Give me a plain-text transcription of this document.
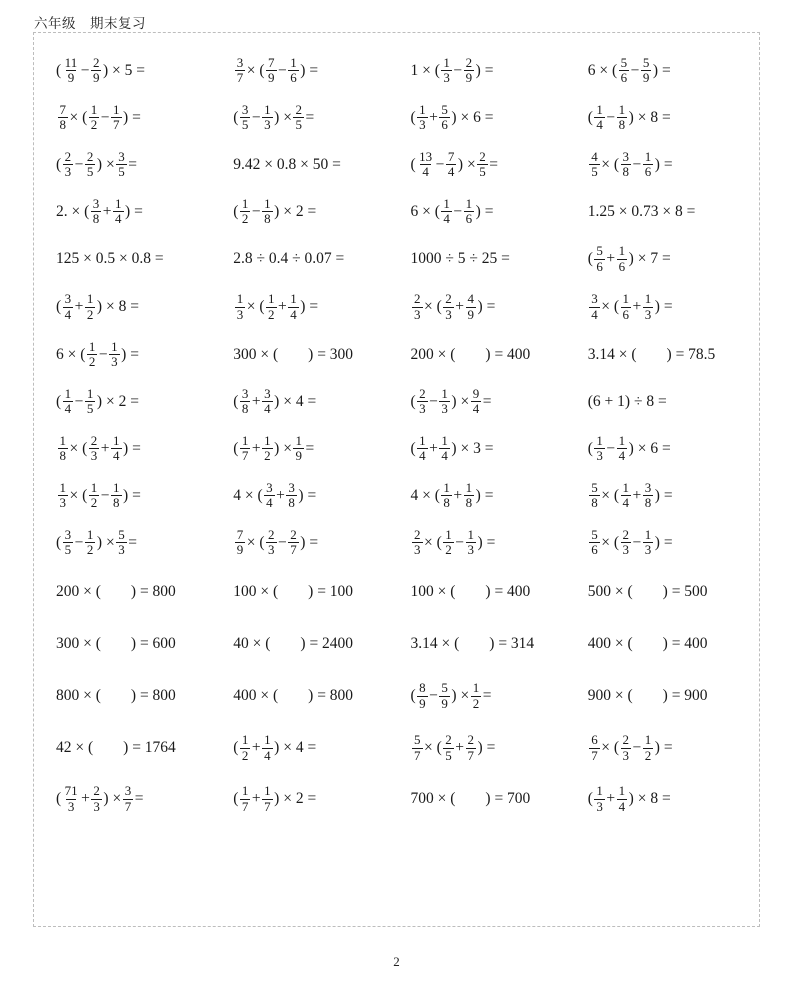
六年级　期末复习
( $\frac{11}{9} - \frac{2}{9}$ ) × 5 =	$\frac{3}{7}$ × ( $\frac{7}{9} - \frac{1}{6}$ ) =	1 × ( $\frac{1}{3} - \frac{2}{9}$ ) =	6 × ( $\frac{5}{6} - \frac{5}{9}$ ) =
$\frac{7}{8}$ × ( $\frac{1}{2} - \frac{1}{7}$ ) =	( $\frac{3}{5} - \frac{1}{3}$ ) × $\frac{2}{5}$ =	( $\frac{1}{3} + \frac{5}{6}$ ) × 6 =	( $\frac{1}{4} - \frac{1}{8}$ ) × 8 =
( $\frac{2}{3} - \frac{2}{5}$ ) × $\frac{3}{5}$ =	9.42 × 0.8 × 50 =	( $\frac{13}{4} - \frac{7}{4}$ ) × $\frac{2}{5}$ =	$\frac{4}{5}$ × ( $\frac{3}{8} - \frac{1}{6}$ ) =
2. × ( $\frac{3}{8} + \frac{1}{4}$ ) =	( $\frac{1}{2} - \frac{1}{8}$ ) × 2 =	6 × ( $\frac{1}{4} - \frac{1}{6}$ ) =	1.25 × 0.73 × 8 =
125 × 0.5 × 0.8 =	2.8 ÷ 0.4 ÷ 0.07 =	1000 ÷ 5 ÷ 25 =	( $\frac{5}{6} + \frac{1}{6}$ ) × 7 =
( $\frac{3}{4} + \frac{1}{2}$ ) × 8 =	$\frac{1}{3}$ × ( $\frac{1}{2} + \frac{1}{4}$ ) =	$\frac{2}{3}$ × ( $\frac{2}{3} + \frac{4}{9}$ ) =	$\frac{3}{4}$ × ( $\frac{1}{6} + \frac{1}{3}$ ) =
6 × ( $\frac{1}{2} - \frac{1}{3}$ ) =	300 × ( ) = 300	200 × ( ) = 400	3.14 × ( ) = 78.5
( $\frac{1}{4} - \frac{1}{5}$ ) × 2 =	( $\frac{3}{8} + \frac{3}{4}$ ) × 4 =	( $\frac{2}{3} - \frac{1}{3}$ ) × $\frac{9}{4}$ =	(6 + 1) ÷ 8 =
$\frac{1}{8}$ × ( $\frac{2}{3} + \frac{1}{4}$ ) =	( $\frac{1}{7} + \frac{1}{2}$ ) × $\frac{1}{9}$ =	( $\frac{1}{4} + \frac{1}{4}$ ) × 3 =	( $\frac{1}{3} - \frac{1}{4}$ ) × 6 =
$\frac{1}{3}$ × ( $\frac{1}{2} - \frac{1}{8}$ ) =	4 × ( $\frac{3}{4} + \frac{3}{8}$ ) =	4 × ( $\frac{1}{8} + \frac{1}{8}$ ) =	$\frac{5}{8}$ × ( $\frac{1}{4} + \frac{3}{8}$ ) =
( $\frac{3}{5} - \frac{1}{2}$ ) × $\frac{5}{3}$ =	$\frac{7}{9}$ × ( $\frac{2}{3} - \frac{2}{7}$ ) =	$\frac{2}{3}$ × ( $\frac{1}{2} - \frac{1}{3}$ ) =	$\frac{5}{6}$ × ( $\frac{2}{3} - \frac{1}{3}$ ) =
200 × ( ) = 800	100 × ( ) = 100	100 × ( ) = 400	500 × ( ) = 500
300 × ( ) = 600	40 × ( ) = 2400	3.14 × ( ) = 314	400 × ( ) = 400
800 × ( ) = 800	400 × ( ) = 800	( $\frac{8}{9} - \frac{5}{9}$ ) × $\frac{1}{2}$ =	900 × ( ) = 900
42 × ( ) = 1764	( $\frac{1}{2} + \frac{1}{4}$ ) × 4 =	$\frac{5}{7}$ × ( $\frac{2}{5} + \frac{2}{7}$ ) =	$\frac{6}{7}$ × ( $\frac{2}{3} - \frac{1}{2}$ ) =
( $\frac{71}{3} + \frac{2}{3}$ ) × $\frac{3}{7}$ =	( $\frac{1}{7} + \frac{1}{7}$ ) × 2 =	700 × ( ) = 700	( $\frac{1}{3} + \frac{1}{4}$ ) × 8 =
2
